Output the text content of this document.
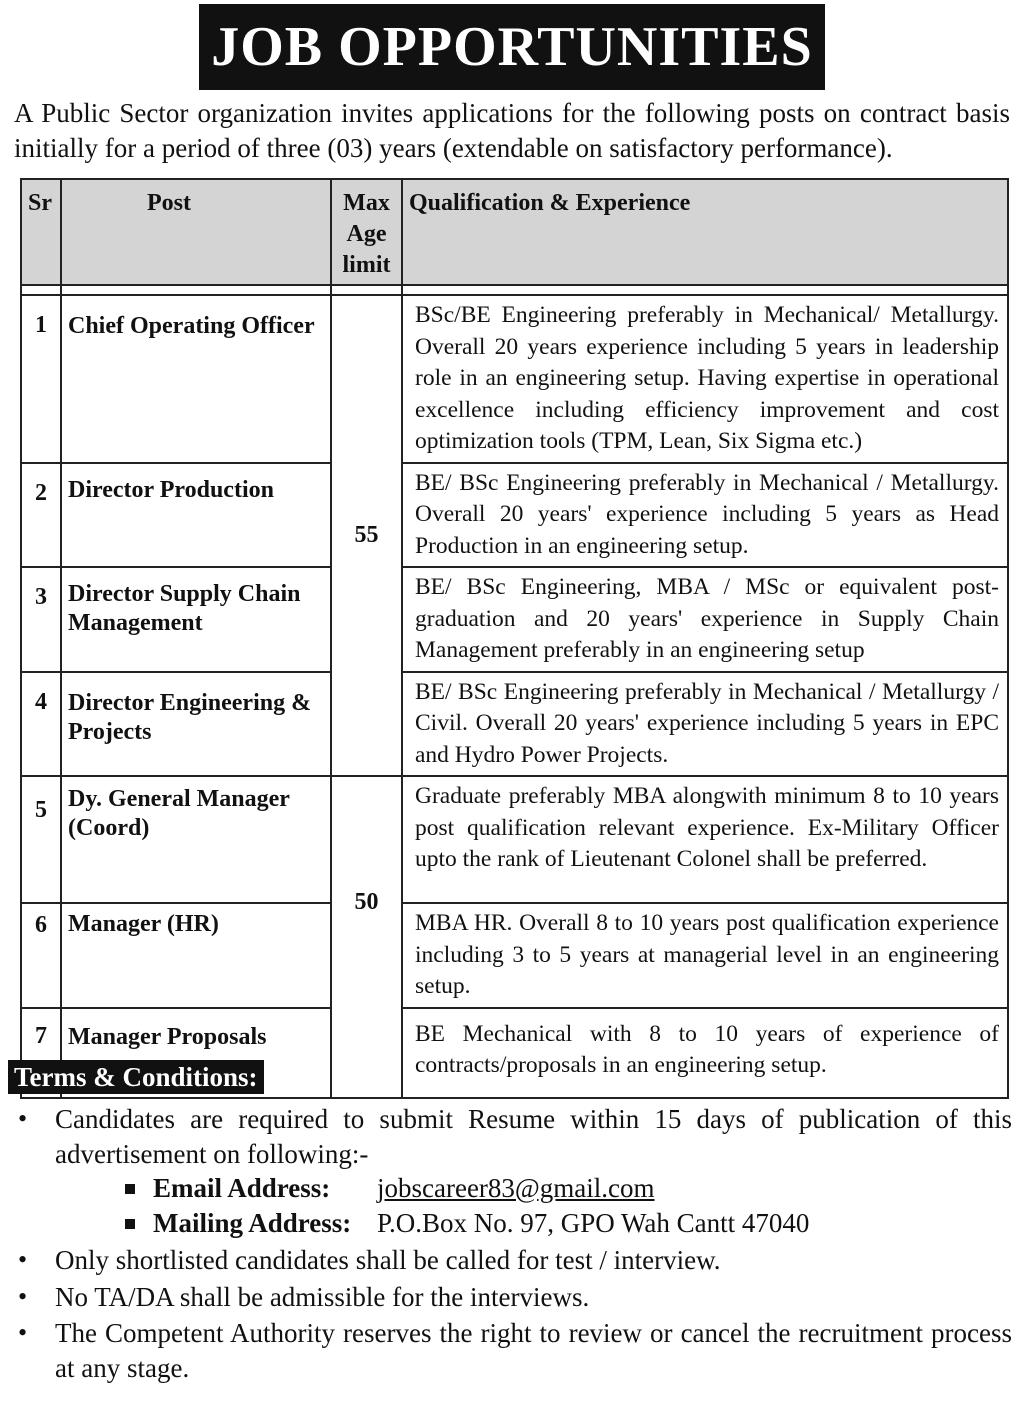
JOB OPPORTUNITIES
A Public Sector organization invites applications for the following posts on contract basis initially for a period of three (03) years (extendable on satisfactory performance).
Sr	Post	Max Age limit	Qualification & Experience

1	Chief Operating Officer	55	BSc/BE Engineering preferably in Mechanical/ Metallurgy. Overall 20 years experience including 5 years in leadership role in an engineering setup. Having expertise in operational excellence including efficiency improvement and cost optimization tools (TPM, Lean, Six Sigma etc.)
2	Director Production		BE/ BSc Engineering preferably in Mechanical / Metallurgy. Overall 20 years' experience including 5 years as Head Production in an engineering setup.
3	Director Supply Chain Management		BE/ BSc Engineering, MBA / MSc or equivalent post-graduation and 20 years' experience in Supply Chain Management preferably in an engineering setup
4	Director Engineering & Projects		BE/ BSc Engineering preferably in Mechanical / Metallurgy / Civil. Overall 20 years' experience including 5 years in EPC and Hydro Power Projects.
5	Dy. General Manager (Coord)	50	Graduate preferably MBA alongwith minimum 8 to 10 years post qualification relevant experience. Ex-Military Officer upto the rank of Lieutenant Colonel shall be preferred.
6	Manager (HR)		MBA HR. Overall 8 to 10 years post qualification experience including 3 to 5 years at managerial level in an engineering setup.
7	Manager Proposals		BE Mechanical with 8 to 10 years of experience of contracts/proposals in an engineering setup.
Terms & Conditions:
• Candidates are required to submit Resume within 15 days of publication of this advertisement on following:-
Email Address: jobscareer83@gmail.com
Mailing Address: P.O.Box No. 97, GPO Wah Cantt 47040
• Only shortlisted candidates shall be called for test / interview.
• No TA/DA shall be admissible for the interviews.
• The Competent Authority reserves the right to review or cancel the recruitment process at any stage.
